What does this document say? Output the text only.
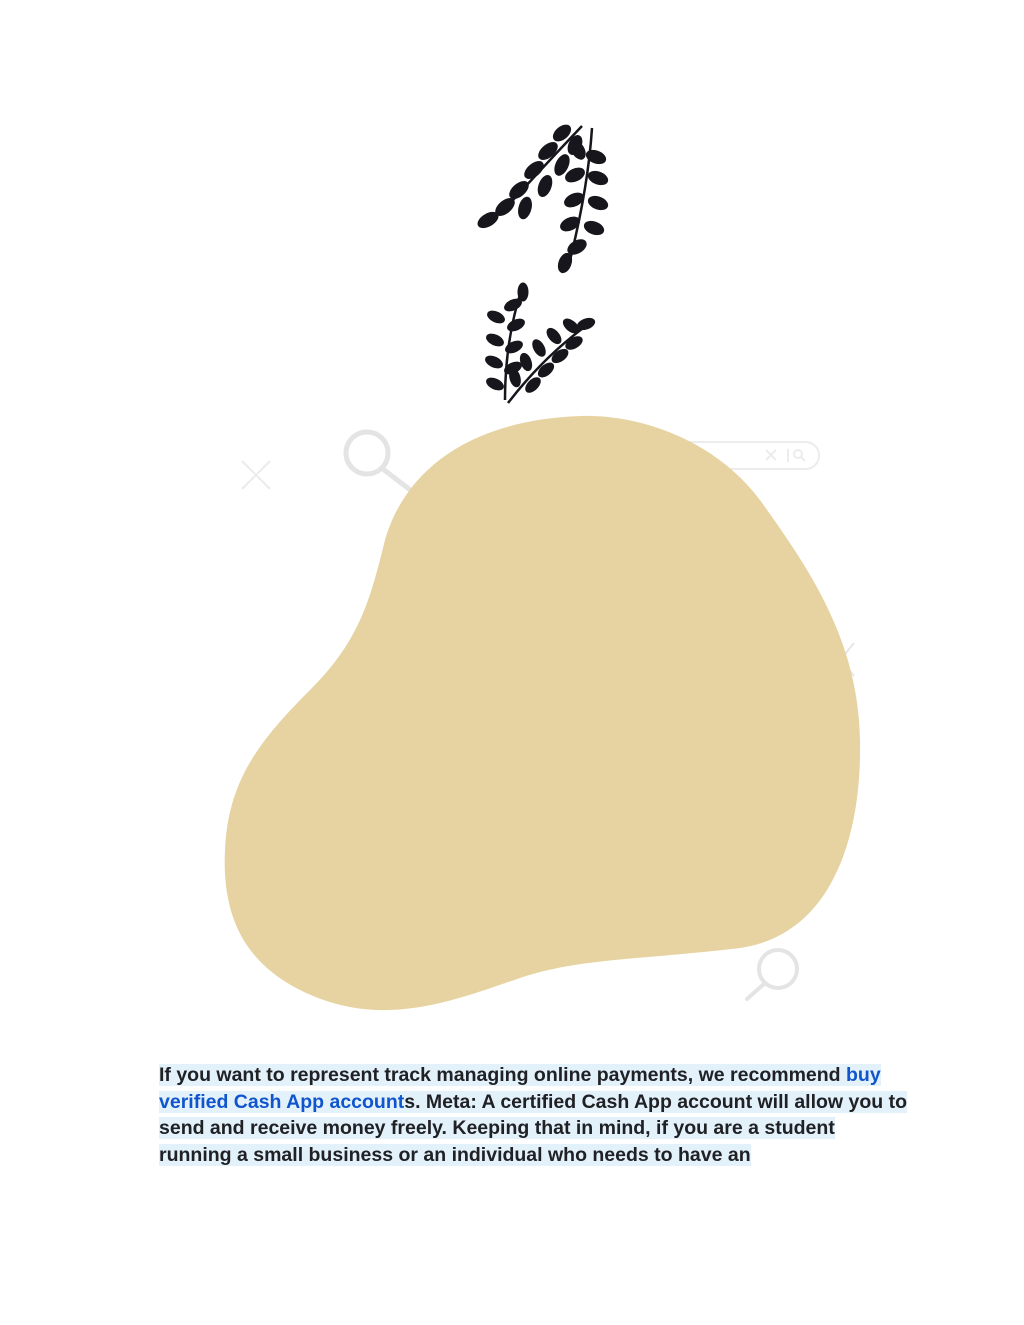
If you want to represent track managing online payments, we recommend buy verified Cash App accounts. Meta: A certified Cash App account will allow you to send and receive money freely. Keeping that in mind, if you are a student running a small business or an individual who needs to have an
